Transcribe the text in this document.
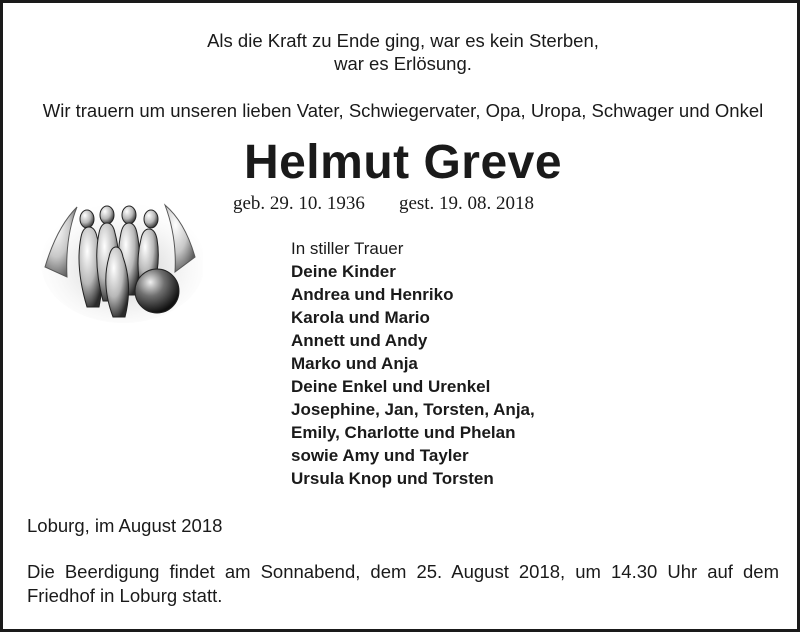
Als die Kraft zu Ende ging, war es kein Sterben,
war es Erlösung.
Wir trauern um unseren lieben Vater, Schwiegervater, Opa, Uropa, Schwager und Onkel
Helmut Greve
geb. 29. 10. 1936 gest. 19. 08. 2018
In stiller Trauer
Deine Kinder
Andrea und Henriko
Karola und Mario
Annett und Andy
Marko und Anja
Deine Enkel und Urenkel
Josephine, Jan, Torsten, Anja,
Emily, Charlotte und Phelan
sowie Amy und Tayler
Ursula Knop und Torsten
Loburg, im August 2018
Die Beerdigung findet am Sonnabend, dem 25. August 2018, um 14.30 Uhr auf dem Friedhof in Loburg statt.
